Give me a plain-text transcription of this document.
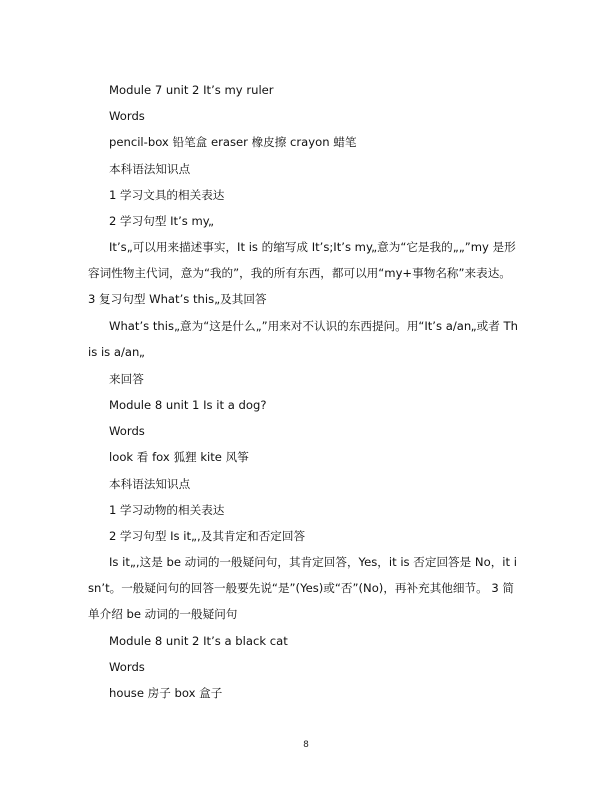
Module 7 unit 2 It’s my ruler

Words

pencil-box 铅笔盒 eraser 橡皮擦 crayon 蜡笔

本科语法知识点

1 学习文具的相关表达

2 学习句型 It’s my„

It’s„可以用来描述事实，It is 的缩写成 It’s;It’s my„意为“它是我的„„”my 是形容词性物主代词，意为“我的”，我的所有东西，都可以用“my+事物名称”来表达。 3 复习句型 What’s this„及其回答

What’s this„意为“这是什么„”用来对不认识的东西提问。用“It’s a/an„或者 This is a/an„

来回答

Module 8 unit 1 Is it a dog?

Words

look 看 fox 狐狸 kite 风筝

本科语法知识点

1 学习动物的相关表达

2 学习句型 Is it„,及其肯定和否定回答

Is it„,这是 be 动词的一般疑问句，其肯定回答，Yes，it is 否定回答是 No，it isn’t。一般疑问句的回答一般要先说“是”(Yes)或“否”(No)，再补充其他细节。 3 简单介绍 be 动词的一般疑问句

Module 8 unit 2 It’s a black cat

Words

house 房子 box 盒子

8
